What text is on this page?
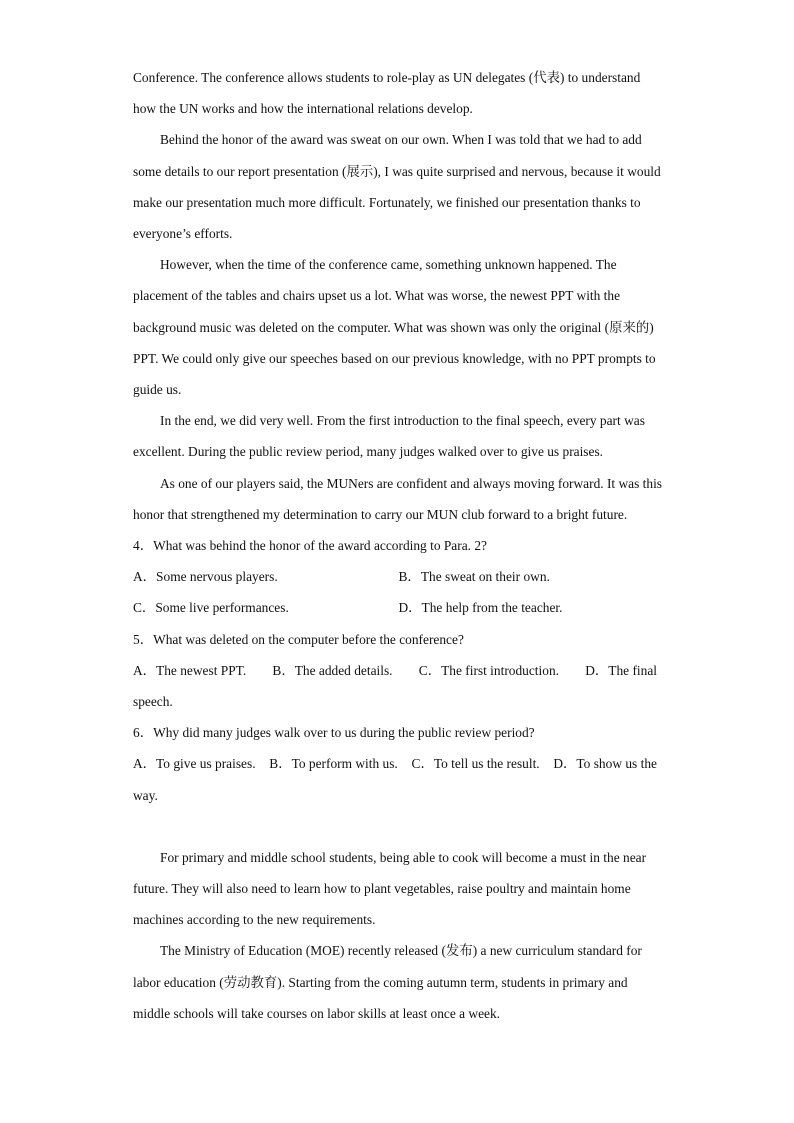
Conference. The conference allows students to role-play as UN delegates (代表) to understand how the UN works and how the international relations develop.

Behind the honor of the award was sweat on our own. When I was told that we had to add some details to our report presentation (展示), I was quite surprised and nervous, because it would make our presentation much more difficult. Fortunately, we finished our presentation thanks to everyone’s efforts.

However, when the time of the conference came, something unknown happened. The placement of the tables and chairs upset us a lot. What was worse, the newest PPT with the background music was deleted on the computer. What was shown was only the original (原来的) PPT. We could only give our speeches based on our previous knowledge, with no PPT prompts to guide us.

In the end, we did very well. From the first introduction to the final speech, every part was excellent. During the public review period, many judges walked over to give us praises.

As one of our players said, the MUNers are confident and always moving forward. It was this honor that strengthened my determination to carry our MUN club forward to a bright future.

4．What was behind the honor of the award according to Para. 2?

A．Some nervous players.	B．The sweat on their own.
C．Some live performances.	D．The help from the teacher.

5．What was deleted on the computer before the conference?

A．The newest PPT. B．The added details. C．The first introduction. D．The final

speech.

6．Why did many judges walk over to us during the public review period?

A．To give us praises. B．To perform with us. C．To tell us the result. D．To show us the

way.

For primary and middle school students, being able to cook will become a must in the near future. They will also need to learn how to plant vegetables, raise poultry and maintain home machines according to the new requirements.

The Ministry of Education (MOE) recently released (发布) a new curriculum standard for labor education (劳动教育). Starting from the coming autumn term, students in primary and middle schools will take courses on labor skills at least once a week.
